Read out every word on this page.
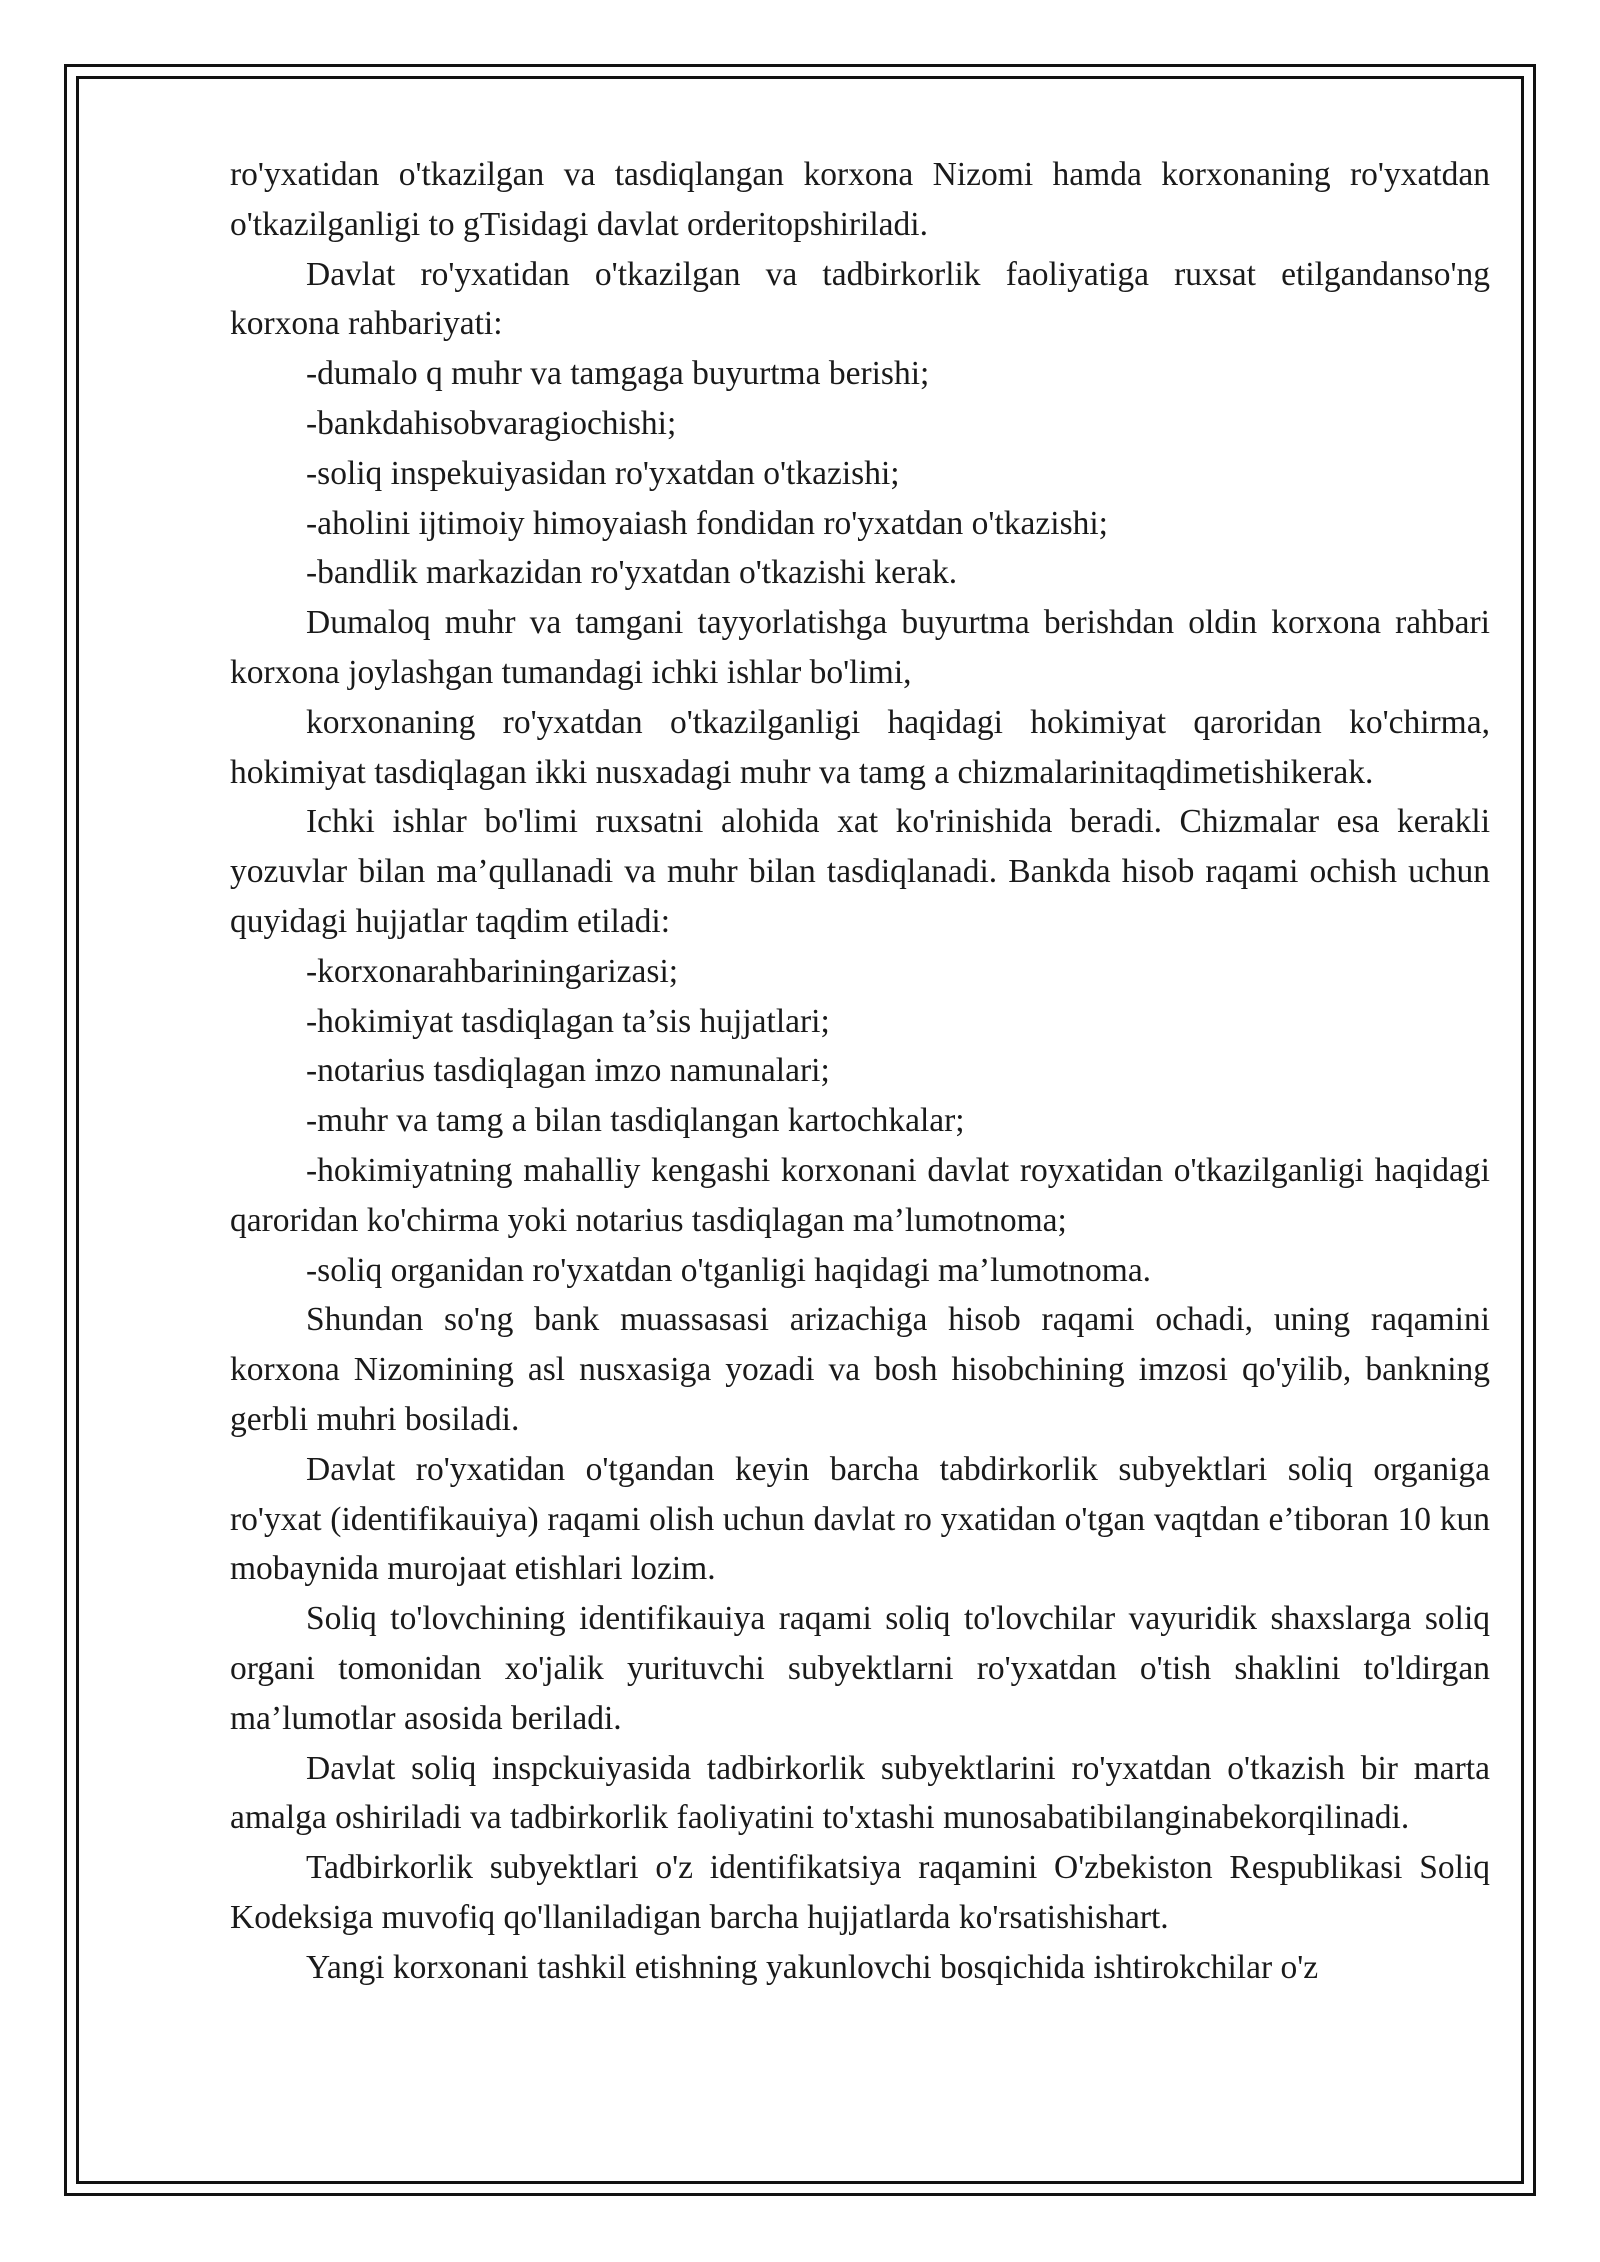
ro'yxatidan o'tkazilgan va tasdiqlangan korxona Nizomi hamda korxonaning ro'yxatdan o'tkazilganligi to gTisidagi davlat orderitopshiriladi.

Davlat ro'yxatidan o'tkazilgan va tadbirkorlik faoliyatiga ruxsat etilgandanso'ng korxona rahbariyati:

-dumalo q muhr va tamgaga buyurtma berishi;

-bankdahisobvaragiochishi;

-soliq inspekuiyasidan ro'yxatdan o'tkazishi;

-aholini ijtimoiy himoyaiash fondidan ro'yxatdan o'tkazishi;

-bandlik markazidan ro'yxatdan o'tkazishi kerak.

Dumaloq muhr va tamgani tayyorlatishga buyurtma berishdan oldin korxona rahbari korxona joylashgan tumandagi ichki ishlar bo'limi,

korxonaning ro'yxatdan o'tkazilganligi haqidagi hokimiyat qaroridan ko'chirma, hokimiyat tasdiqlagan ikki nusxadagi muhr va tamg a chizmalarinitaqdimetishikerak.

Ichki ishlar bo'limi ruxsatni alohida xat ko'rinishida beradi. Chizmalar esa kerakli yozuvlar bilan ma’qullanadi va muhr bilan tasdiqlanadi. Bankda hisob raqami ochish uchun quyidagi hujjatlar taqdim etiladi:

-korxonarahbariningarizasi;

-hokimiyat tasdiqlagan ta’sis hujjatlari;

-notarius tasdiqlagan imzo namunalari;

-muhr va tamg a bilan tasdiqlangan kartochkalar;

-hokimiyatning mahalliy kengashi korxonani davlat royxatidan o'tkazilganligi haqidagi qaroridan ko'chirma yoki notarius tasdiqlagan ma’lumotnoma;

-soliq organidan ro'yxatdan o'tganligi haqidagi ma’lumotnoma.

Shundan so'ng bank muassasasi arizachiga hisob raqami ochadi, uning raqamini korxona Nizomining asl nusxasiga yozadi va bosh hisobchining imzosi qo'yilib, bankning gerbli muhri bosiladi.

Davlat ro'yxatidan o'tgandan keyin barcha tabdirkorlik subyektlari soliq organiga ro'yxat (identifikauiya) raqami olish uchun davlat ro yxatidan o'tgan vaqtdan e’tiboran 10 kun mobaynida murojaat etishlari lozim.

Soliq to'lovchining identifikauiya raqami soliq to'lovchilar vayuridik shaxslarga soliq organi tomonidan xo'jalik yurituvchi subyektlarni ro'yxatdan o'tish shaklini to'ldirgan ma’lumotlar asosida beriladi.

Davlat soliq inspckuiyasida tadbirkorlik subyektlarini ro'yxatdan o'tkazish bir marta amalga oshiriladi va tadbirkorlik faoliyatini to'xtashi munosabatibilanginabekorqilinadi.

Tadbirkorlik subyektlari o'z identifikatsiya raqamini O'zbekiston Respublikasi Soliq Kodeksiga muvofiq qo'llaniladigan barcha hujjatlarda ko'rsatishishart.

Yangi korxonani tashkil etishning yakunlovchi bosqichida ishtirokchilar o'z
